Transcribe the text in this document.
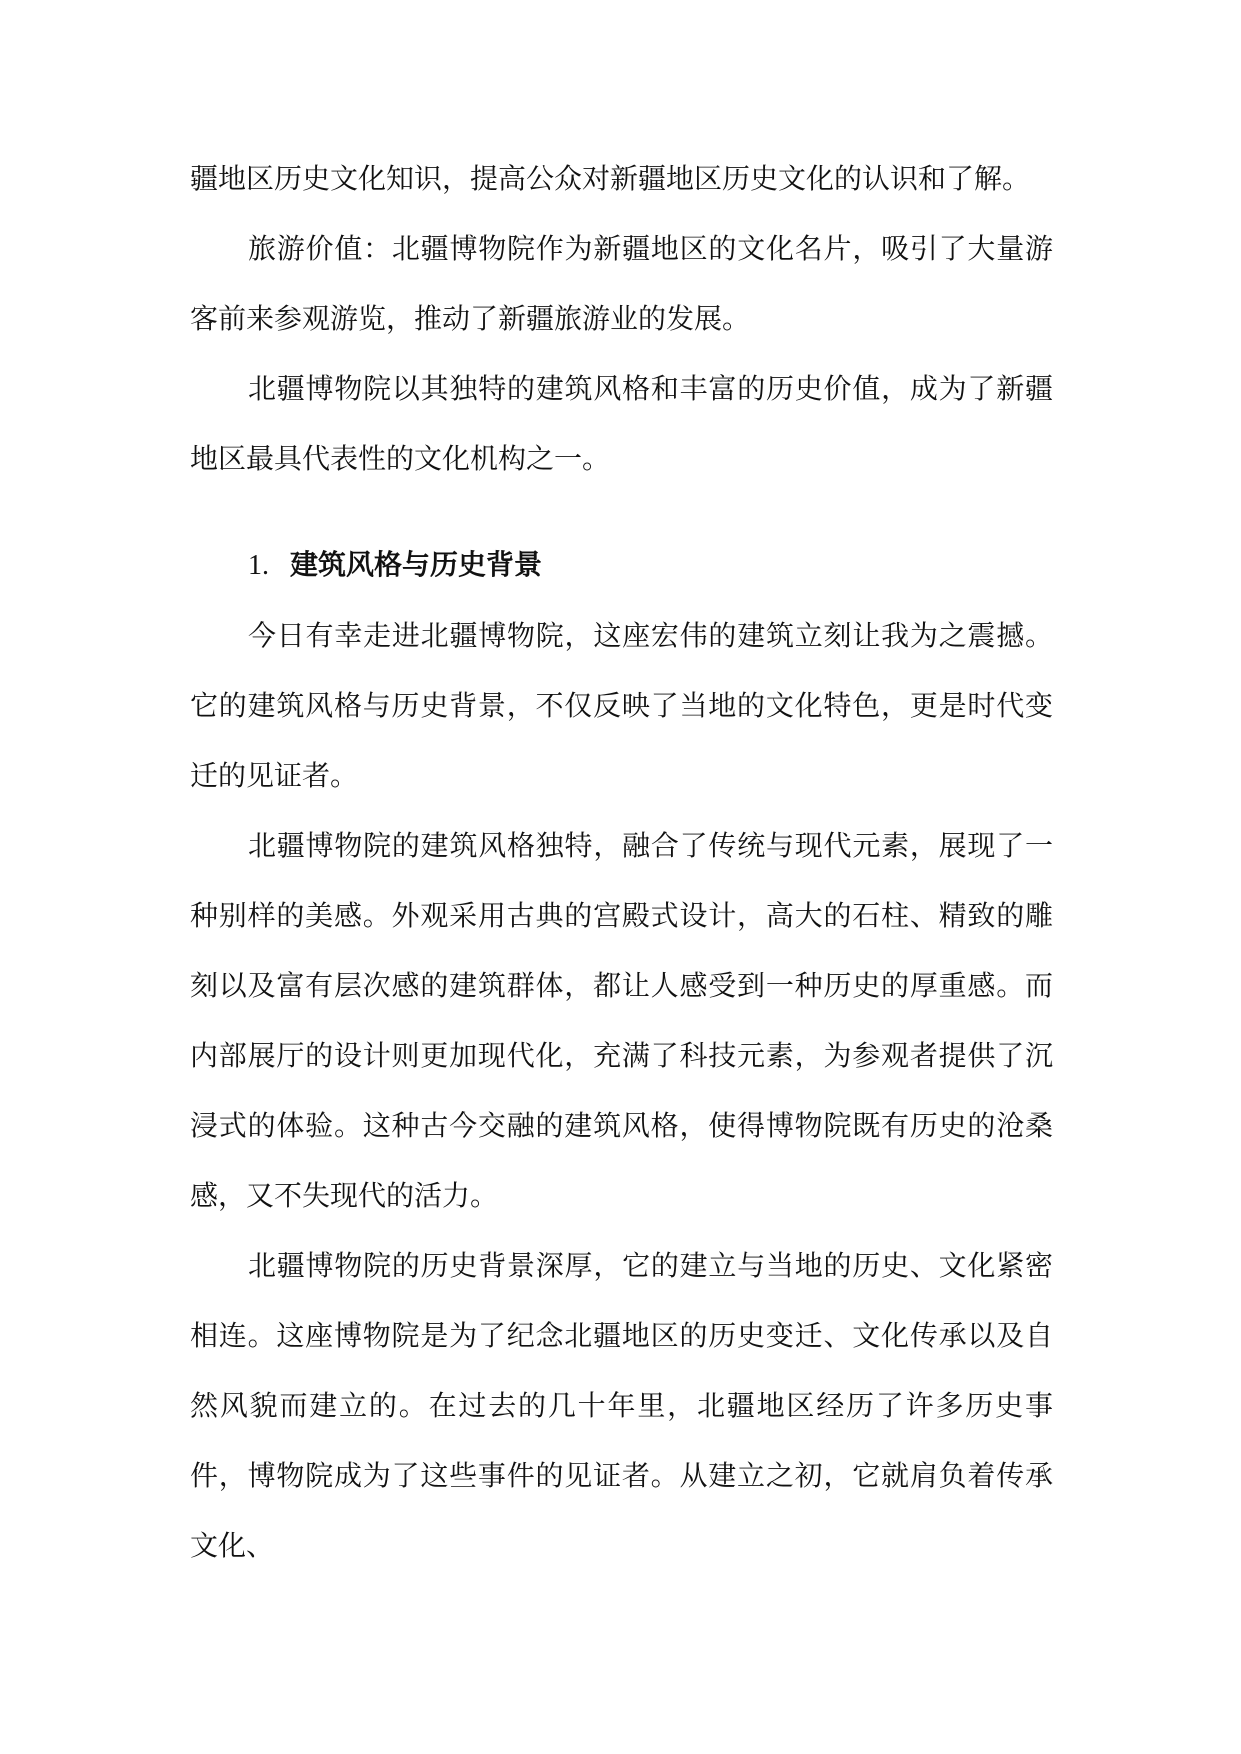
疆地区历史文化知识，提高公众对新疆地区历史文化的认识和了解。

旅游价值：北疆博物院作为新疆地区的文化名片，吸引了大量游客前来参观游览，推动了新疆旅游业的发展。

北疆博物院以其独特的建筑风格和丰富的历史价值，成为了新疆地区最具代表性的文化机构之一。

1. 建筑风格与历史背景

今日有幸走进北疆博物院，这座宏伟的建筑立刻让我为之震撼。它的建筑风格与历史背景，不仅反映了当地的文化特色，更是时代变迁的见证者。

北疆博物院的建筑风格独特，融合了传统与现代元素，展现了一种别样的美感。外观采用古典的宫殿式设计，高大的石柱、精致的雕刻以及富有层次感的建筑群体，都让人感受到一种历史的厚重感。而内部展厅的设计则更加现代化，充满了科技元素，为参观者提供了沉浸式的体验。这种古今交融的建筑风格，使得博物院既有历史的沧桑感，又不失现代的活力。

北疆博物院的历史背景深厚，它的建立与当地的历史、文化紧密相连。这座博物院是为了纪念北疆地区的历史变迁、文化传承以及自然风貌而建立的。在过去的几十年里，北疆地区经历了许多历史事件，博物院成为了这些事件的见证者。从建立之初，它就肩负着传承文化、
